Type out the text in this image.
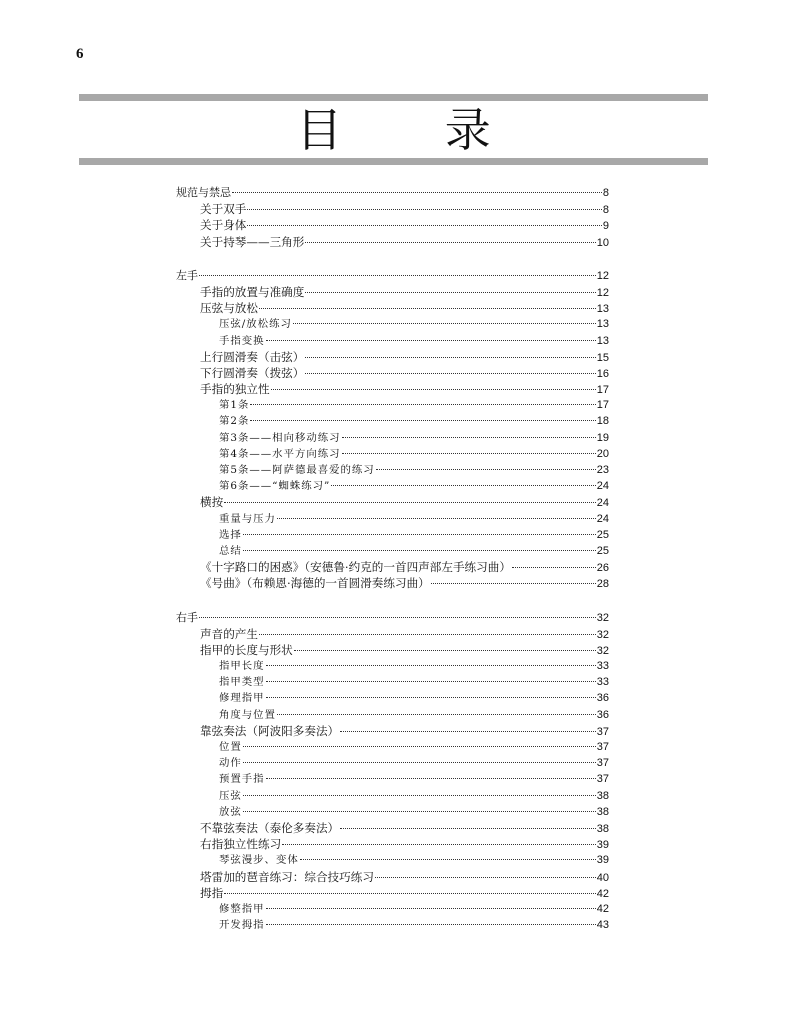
6
目 录
规范与禁忌	8
关于双手	8
关于身体	9
关于持琴——三角形	10
左手	12
手指的放置与准确度	12
压弦与放松	13
压弦/放松练习	13
手指变换	13
上行圆滑奏（击弦）	15
下行圆滑奏（拨弦）	16
手指的独立性	17
第1条	17
第2条	18
第3条——相向移动练习	19
第4条——水平方向练习	20
第5条——阿萨德最喜爱的练习	23
第6条——“蜘蛛练习”	24
横按	24
重量与压力	24
选择	25
总结	25
《十字路口的困惑》（安德鲁·约克的一首四声部左手练习曲）	26
《号曲》（布赖恩·海德的一首圆滑奏练习曲）	28
右手	32
声音的产生	32
指甲的长度与形状	32
指甲长度	33
指甲类型	33
修理指甲	36
角度与位置	36
靠弦奏法（阿波阳多奏法）	37
位置	37
动作	37
预置手指	37
压弦	38
放弦	38
不靠弦奏法（泰伦多奏法）	38
右指独立性练习	39
琴弦漫步、变体	39
塔雷加的琶音练习：综合技巧练习	40
拇指	42
修整指甲	42
开发拇指	43
